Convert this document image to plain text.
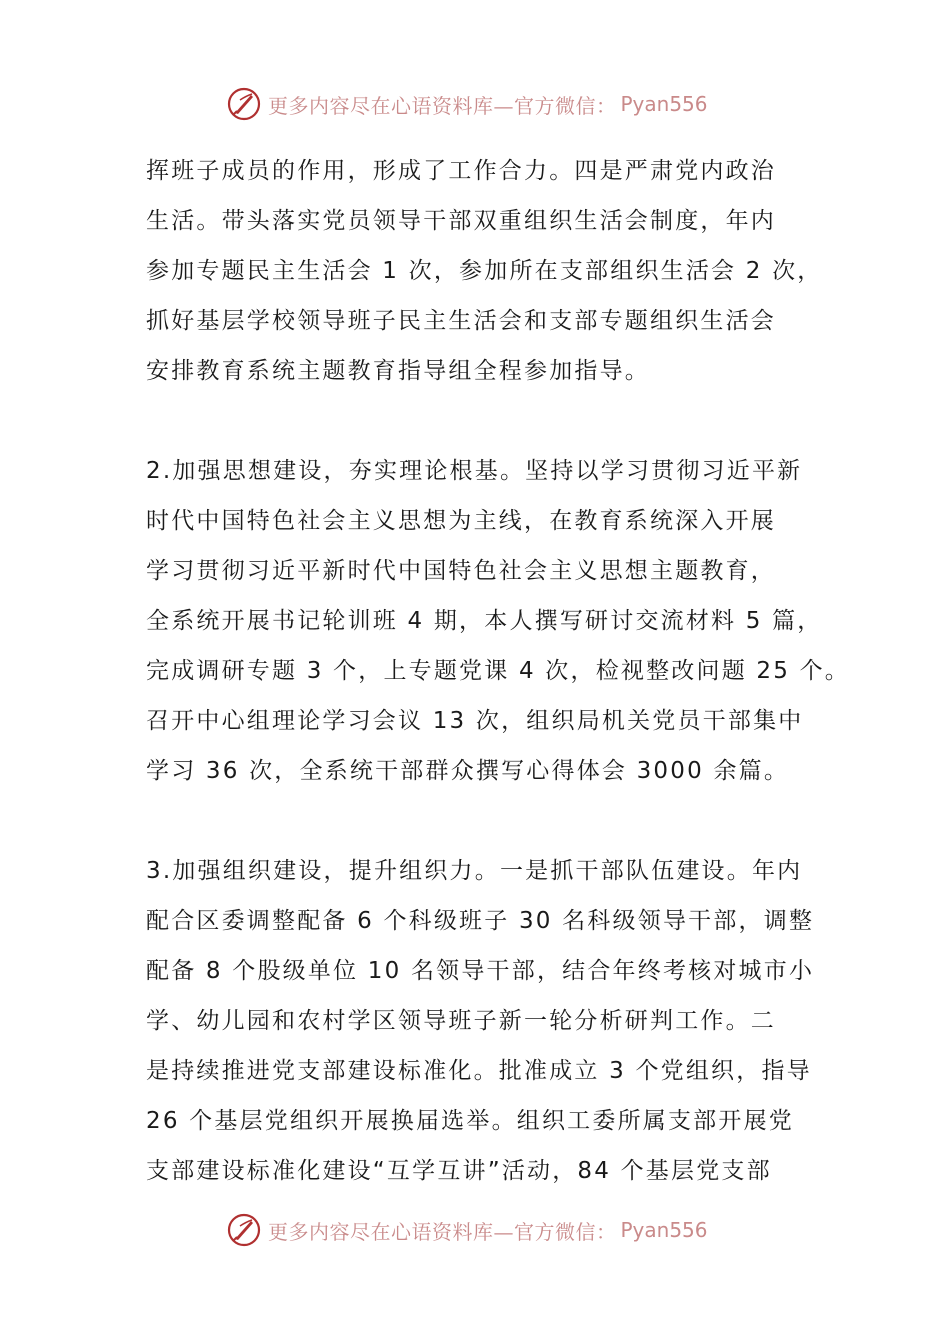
更多内容尽在心语资料库—官方微信： Pyan556
挥班子成员的作用，形成了工作合力。四是严肃党内政治
生活。带头落实党员领导干部双重组织生活会制度，年内
参加专题民主生活会 1 次，参加所在支部组织生活会 2 次，
抓好基层学校领导班子民主生活会和支部专题组织生活会
安排教育系统主题教育指导组全程参加指导。
2.加强思想建设，夯实理论根基。坚持以学习贯彻习近平新
时代中国特色社会主义思想为主线，在教育系统深入开展
学习贯彻习近平新时代中国特色社会主义思想主题教育，
全系统开展书记轮训班 4 期，本人撰写研讨交流材料 5 篇，
完成调研专题 3 个，上专题党课 4 次，检视整改问题 25 个。
召开中心组理论学习会议 13 次，组织局机关党员干部集中
学习 36 次，全系统干部群众撰写心得体会 3000 余篇。
3.加强组织建设，提升组织力。一是抓干部队伍建设。年内
配合区委调整配备 6 个科级班子 30 名科级领导干部，调整
配备 8 个股级单位 10 名领导干部，结合年终考核对城市小
学、幼儿园和农村学区领导班子新一轮分析研判工作。二
是持续推进党支部建设标准化。批准成立 3 个党组织，指导
26 个基层党组织开展换届选举。组织工委所属支部开展党
支部建设标准化建设“互学互讲”活动，84 个基层党支部
更多内容尽在心语资料库—官方微信： Pyan556
